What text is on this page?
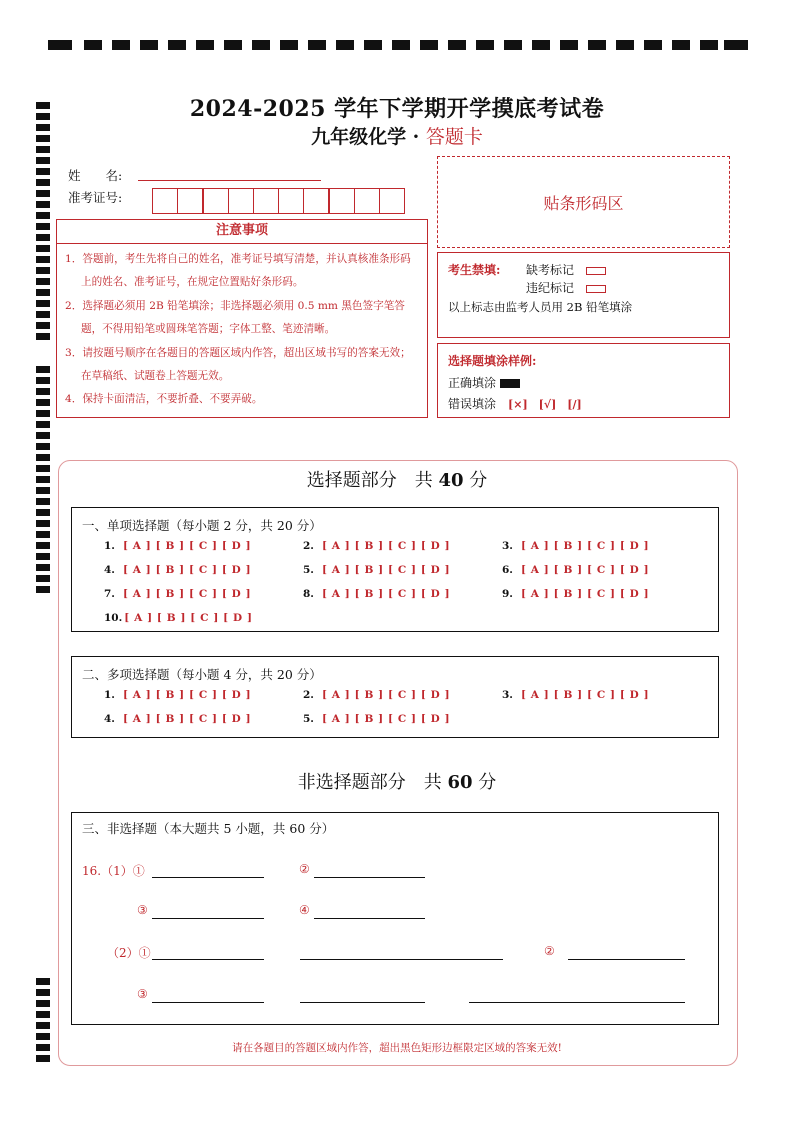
2024-2025 学年下学期开学摸底考试卷
九年级化学 · 答题卡
姓　　名:
准考证号:	贴条形码区
注意事项
1．答题前，考生先将自己的姓名，准考证号填写清楚，并认真核准条形码上的姓名、准考证号，在规定位置贴好条形码。
2．选择题必须用 2B 铅笔填涂；非选择题必须用 0.5 mm 黑色签字笔答题，不得用铅笔或圆珠笔答题；字体工整、笔迹清晰。
3．请按题号顺序在各题目的答题区域内作答，超出区域书写的答案无效；在草稿纸、试题卷上答题无效。
4．保持卡面清洁，不要折叠、不要弄破。
考生禁填: 缺考标记　
违纪标记　
以上标志由监考人员用 2B 铅笔填涂
选择题填涂样例:
正确填涂
错误填涂　 [×]　[√]　[/]
选择题部分　共 40 分
一、单项选择题（每小题 2 分，共 20 分）
1. [ A ] [ B ] [ C ] [ D ]	2. [ A ] [ B ] [ C ] [ D ]	3. [ A ] [ B ] [ C ] [ D ]
4. [ A ] [ B ] [ C ] [ D ]	5. [ A ] [ B ] [ C ] [ D ]	6. [ A ] [ B ] [ C ] [ D ]
7. [ A ] [ B ] [ C ] [ D ]	8. [ A ] [ B ] [ C ] [ D ]	9. [ A ] [ B ] [ C ] [ D ]
10. [ A ] [ B ] [ C ] [ D ]
二、多项选择题（每小题 4 分，共 20 分）
1. [ A ] [ B ] [ C ] [ D ]	2. [ A ] [ B ] [ C ] [ D ]	3. [ A ] [ B ] [ C ] [ D ]
4. [ A ] [ B ] [ C ] [ D ]	5. [ A ] [ B ] [ C ] [ D ]
非选择题部分　共 60 分
三、非选择题（本大题共 5 小题，共 60 分）
16.（1）①	②
③	④
（2）①	②
③
请在各题目的答题区域内作答，超出黑色矩形边框限定区域的答案无效!
